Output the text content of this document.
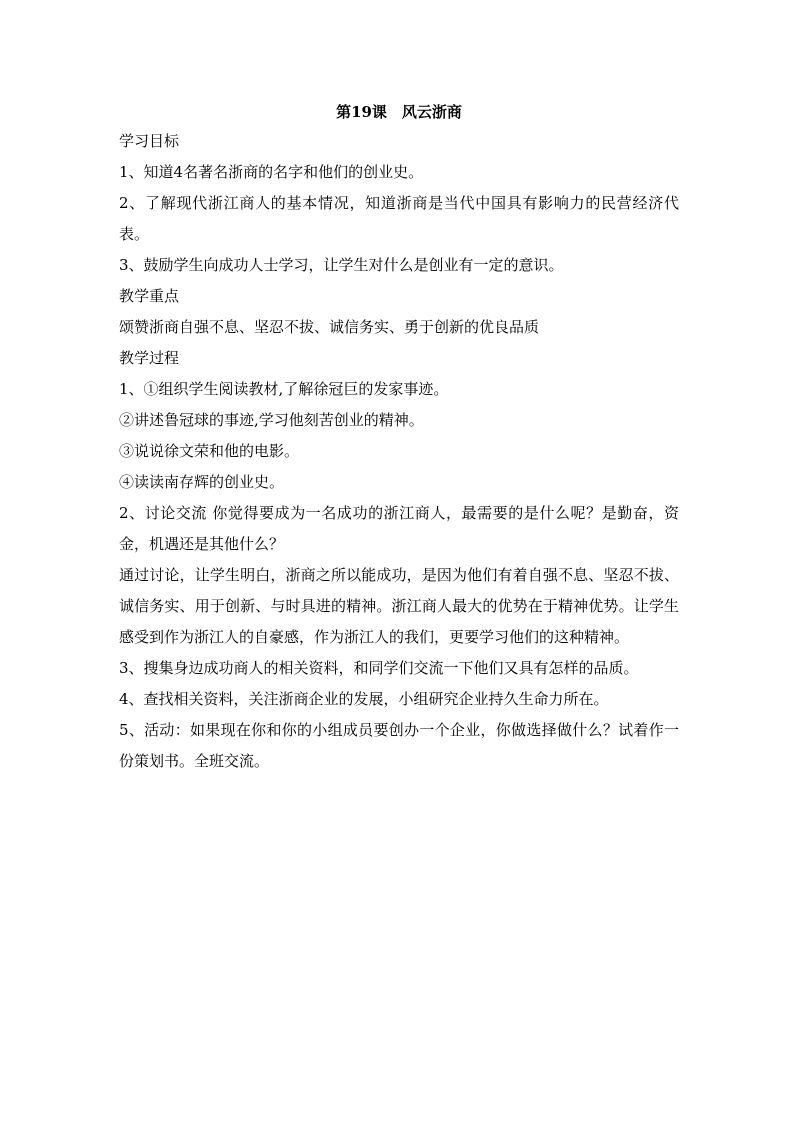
第19课　风云浙商

学习目标

1、知道4名著名浙商的名字和他们的创业史。

2、了解现代浙江商人的基本情况，知道浙商是当代中国具有影响力的民营经济代表。

3、鼓励学生向成功人士学习，让学生对什么是创业有一定的意识。

教学重点

颂赞浙商自强不息、坚忍不拔、诚信务实、勇于创新的优良品质

教学过程

1、①组织学生阅读教材,了解徐冠巨的发家事迹。

②讲述鲁冠球的事迹,学习他刻苦创业的精神。

③说说徐文荣和他的电影。

④读读南存辉的创业史。

2、讨论交流 你觉得要成为一名成功的浙江商人，最需要的是什么呢？是勤奋，资金，机遇还是其他什么？

通过讨论，让学生明白，浙商之所以能成功，是因为他们有着自强不息、坚忍不拔、诚信务实、用于创新、与时具进的精神。浙江商人最大的优势在于精神优势。让学生感受到作为浙江人的自豪感，作为浙江人的我们，更要学习他们的这种精神。

3、搜集身边成功商人的相关资料，和同学们交流一下他们又具有怎样的品质。

4、查找相关资料，关注浙商企业的发展，小组研究企业持久生命力所在。

5、活动：如果现在你和你的小组成员要创办一个企业，你做选择做什么？试着作一份策划书。全班交流。
